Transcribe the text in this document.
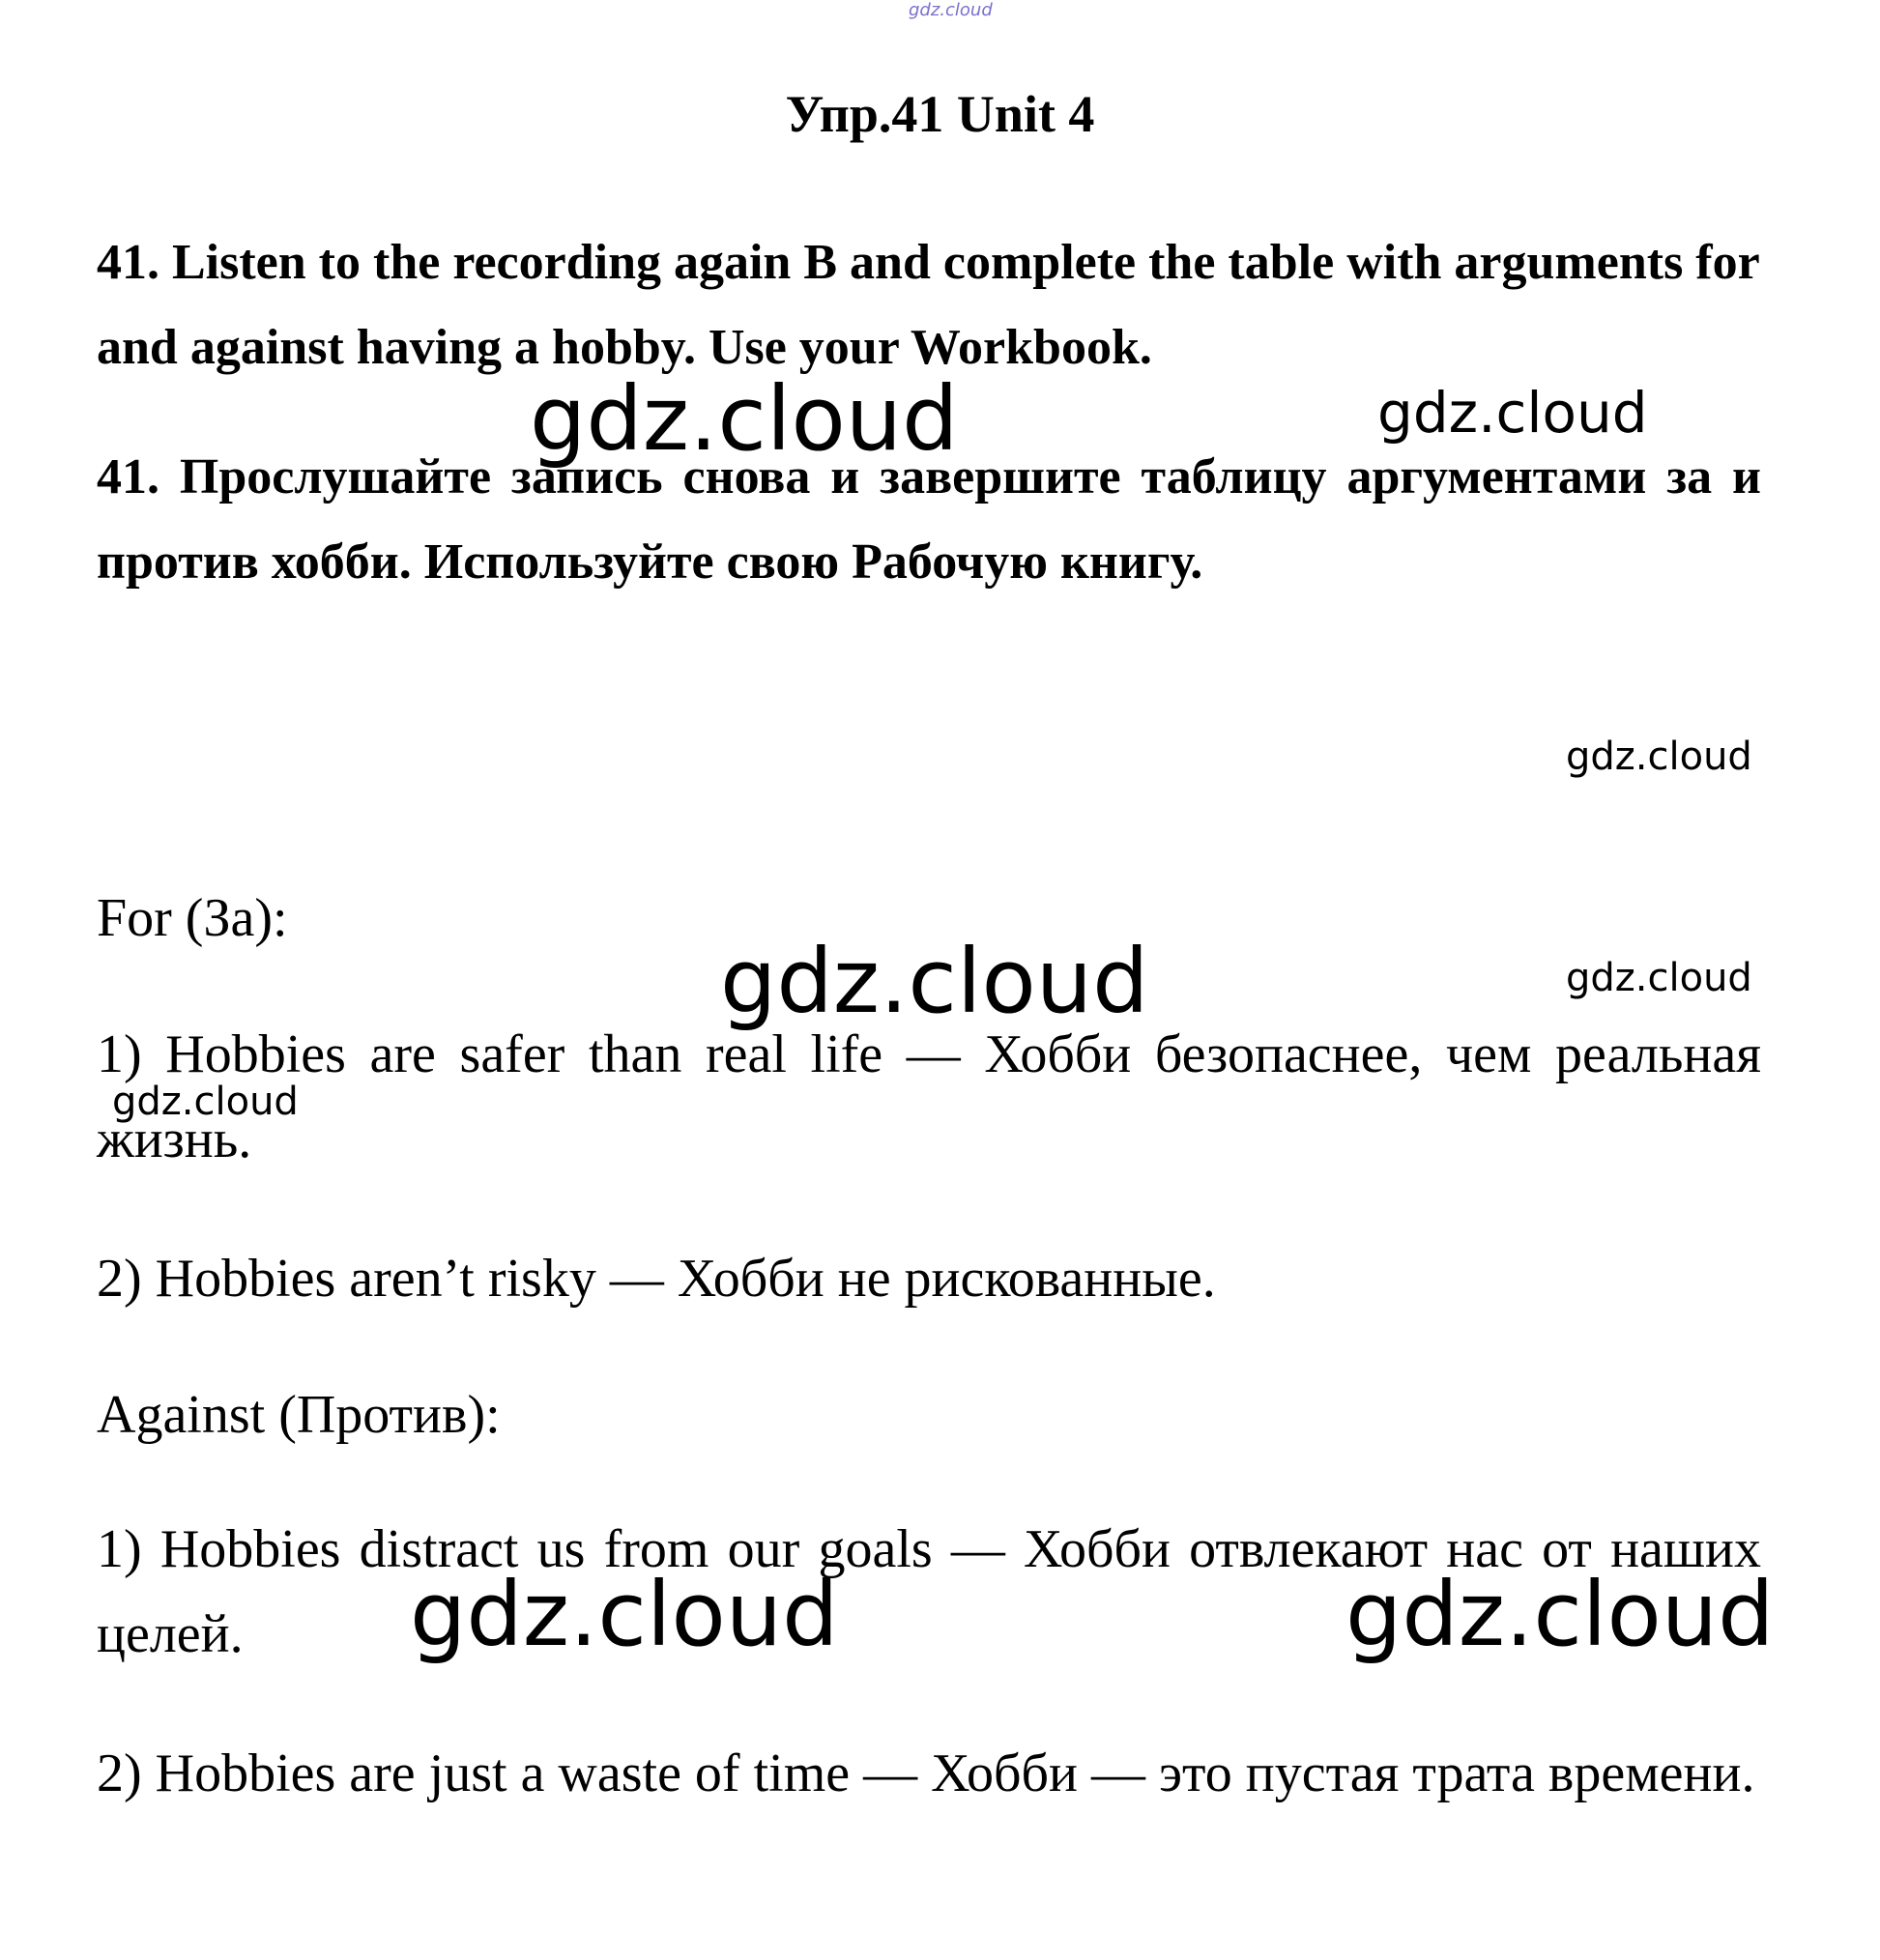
gdz.cloud
Упр.41 Unit 4

41. Listen to the recording again B and complete the table with arguments for and against having a hobby. Use your Workbook.

41. Прослушайте запись снова и завершите таблицу аргументами за и против хобби. Используйте свою Рабочую книгу.

For (За):

1) Hobbies are safer than real life — Хобби безопаснее, чем реальная жизнь.

2) Hobbies aren’t risky — Хобби не рискованные.

Against (Против):

1) Hobbies distract us from our goals — Хобби отвлекают нас от наших целей.

2) Hobbies are just a waste of time — Хобби — это пустая трата времени.

gdz.cloud	gdz.cloud
gdz.cloud
gdz.cloud	gdz.cloud
gdz.cloud
gdz.cloud	gdz.cloud
